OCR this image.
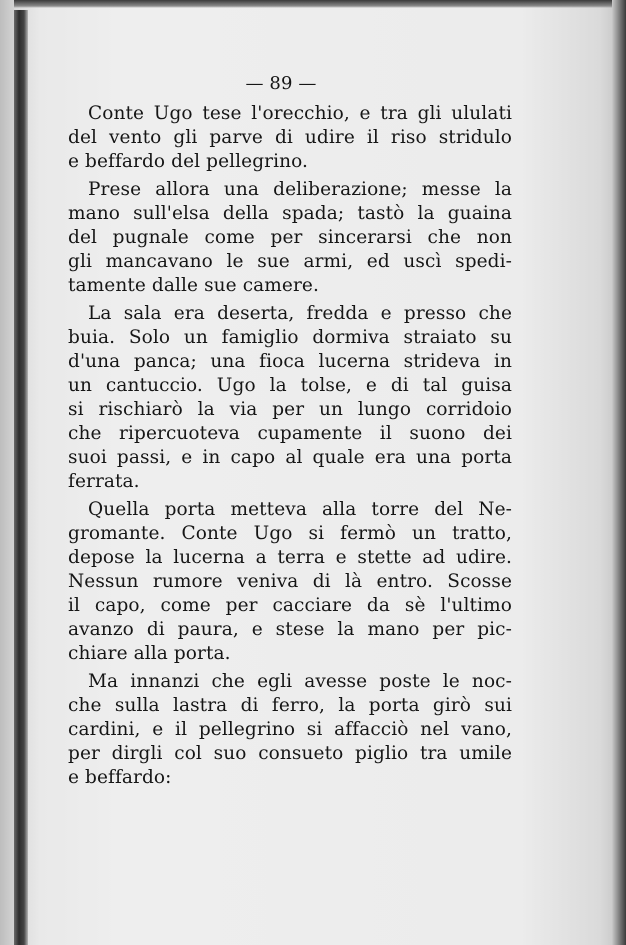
— 89 —
Conte Ugo tese l'orecchio, e tra gli ululati
del vento gli parve di udire il riso stridulo
e beffardo del pellegrino.
Prese allora una deliberazione; messe la
mano sull'elsa della spada; tastò la guaina
del pugnale come per sincerarsi che non
gli mancavano le sue armi, ed uscì spedi-
tamente dalle sue camere.
La sala era deserta, fredda e presso che
buia. Solo un famiglio dormiva straiato su
d'una panca; una fioca lucerna strideva in
un cantuccio. Ugo la tolse, e di tal guisa
si rischiarò la via per un lungo corridoio
che ripercuoteva cupamente il suono dei
suoi passi, e in capo al quale era una porta
ferrata.
Quella porta metteva alla torre del Ne-
gromante. Conte Ugo si fermò un tratto,
depose la lucerna a terra e stette ad udire.
Nessun rumore veniva di là entro. Scosse
il capo, come per cacciare da sè l'ultimo
avanzo di paura, e stese la mano per pic-
chiare alla porta.
Ma innanzi che egli avesse poste le noc-
che sulla lastra di ferro, la porta girò sui
cardini, e il pellegrino si affacciò nel vano,
per dirgli col suo consueto piglio tra umile
e beffardo:
